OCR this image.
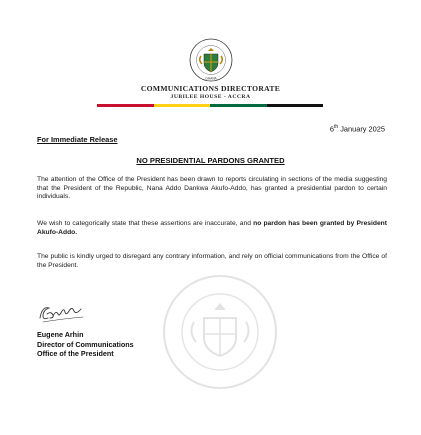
GHANA
COMMUNICATIONS DIRECTORATE
JUBILEE HOUSE - ACCRA
6th January 2025
For Immediate Release
NO PRESIDENTIAL PARDONS GRANTED
The attention of the Office of the President has been drawn to reports circulating in sections of the media suggesting that the President of the Republic, Nana Addo Dankwa Akufo-Addo, has granted a presidential pardon to certain individuals.
We wish to categorically state that these assertions are inaccurate, and no pardon has been granted by President Akufo-Addo.
The public is kindly urged to disregard any contrary information, and rely on official communications from the Office of the President.
Eugene Arhin
Director of Communications
Office of the President
